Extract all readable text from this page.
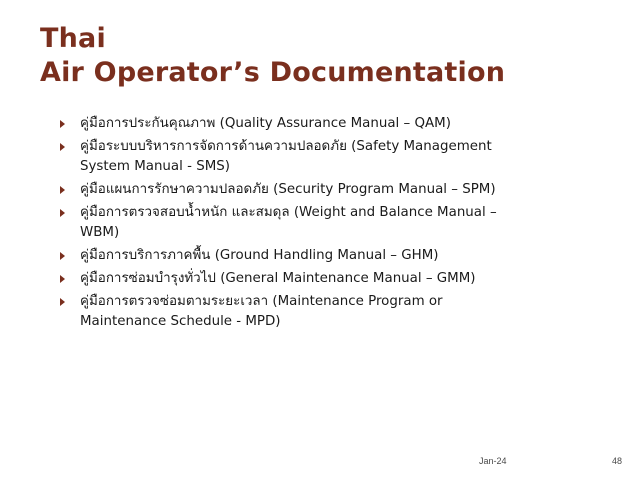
Thai
Air Operator’s Documentation
คู่มือการประกันคุณภาพ (Quality Assurance Manual – QAM)
คู่มือระบบบริหารการจัดการด้านความปลอดภัย (Safety Management
System Manual - SMS)
คู่มือแผนการรักษาความปลอดภัย (Security Program Manual – SPM)
คู่มือการตรวจสอบน้ำหนัก และสมดุล (Weight and Balance Manual –
WBM)
คู่มือการบริการภาคพื้น (Ground Handling Manual – GHM)
คู่มือการซ่อมบำรุงทั่วไป (General Maintenance Manual – GMM)
คู่มือการตรวจซ่อมตามระยะเวลา (Maintenance Program or
Maintenance Schedule - MPD)
Jan-24	48
